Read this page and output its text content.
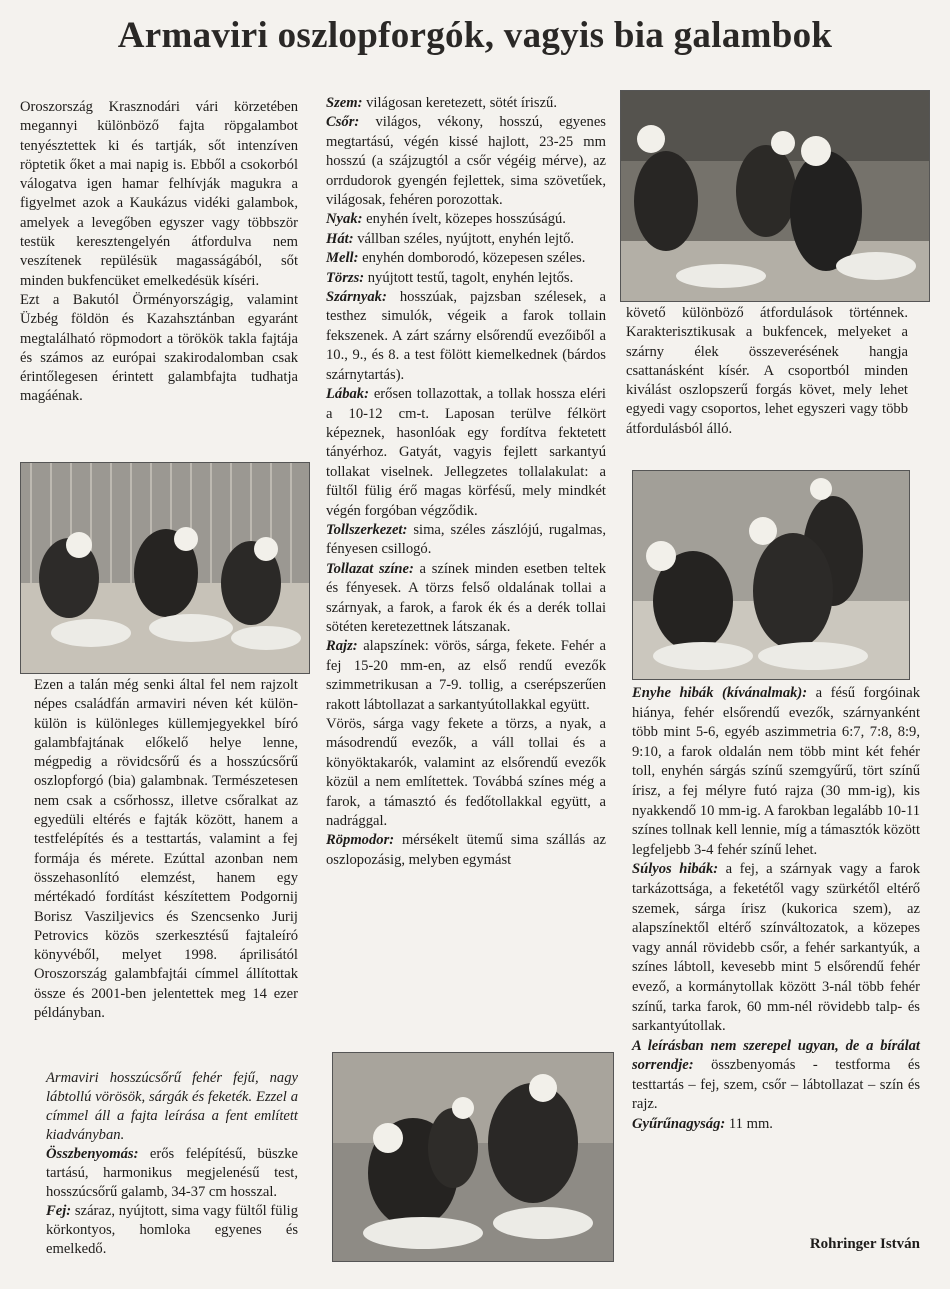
Armaviri oszlopforgók, vagyis bia galambok

Oroszország Krasznodári vári körzetében megannyi különböző fajta röpgalambot tenyésztettek ki és tartják, sőt intenzíven röptetik őket a mai napig is. Ebből a csokorból válogatva igen hamar felhívják magukra a figyelmet azok a Kaukázus vidéki galambok, amelyek a levegőben egyszer vagy többször testük keresztengelyén átfordulva nem veszítenek repülésük magasságából, sőt minden bukfencüket emelkedésük kíséri.

Ezt a Bakutól Örményországig, valamint Üzbég földön és Kazahsztánban egyaránt megtalálható röpmodort a törökök takla fajtája és számos az európai szakirodalomban csak érintőlegesen érintett galambfajta tudhatja magáénak.

Ezen a talán még senki által fel nem rajzolt népes családfán armaviri néven két külön-külön is különleges küllemjegyekkel bíró galambfajtának előkelő helye lenne, mégpedig a rövidcsőrű és a hosszúcsőrű oszlopforgó (bia) galambnak. Természetesen nem csak a csőrhossz, illetve csőralkat az egyedüli eltérés e fajták között, hanem a testfelépítés és a testtartás, valamint a fej formája és mérete. Ezúttal azonban nem összehasonlító elemzést, hanem egy mértékadó fordítást készítettem Podgornij Borisz Vasziljevics és Szencsenko Jurij Petrovics közös szerkesztésű fajtaleíró könyvéből, melyet 1998. áprilisától Oroszország galambfajtái címmel állítottak össze és 2001-ben jelentettek meg 14 ezer példányban.

Armaviri hosszúcsőrű fehér fejű, nagy lábtollú vörösök, sárgák és feketék. Ezzel a címmel áll a fajta leírása a fent említett kiadványban.

Összbenyomás: erős felépítésű, büszke tartású, harmonikus megjelenésű test, hosszúcsőrű galamb, 34-37 cm hosszal.

Fej: száraz, nyújtott, sima vagy fültől fülig körkontyos, homloka egyenes és emelkedő.

Szem: világosan keretezett, sötét íriszű.

Csőr: világos, vékony, hosszú, egyenes megtartású, végén kissé hajlott, 23-25 mm hosszú (a szájzugtól a csőr végéig mérve), az orrdudorok gyengén fejlettek, sima szövetűek, világosak, fehéren porozottak.

Nyak: enyhén ívelt, közepes hosszúságú.

Hát: vállban széles, nyújtott, enyhén lejtő.

Mell: enyhén domborodó, közepesen széles.

Törzs: nyújtott testű, tagolt, enyhén lejtős.

Szárnyak: hosszúak, pajzsban szélesek, a testhez simulók, végeik a farok tollain fekszenek. A zárt szárny elsőrendű evezőiből a 10., 9., és 8. a test fölött kiemelkednek (bárdos szárnytartás).

Lábak: erősen tollazottak, a tollak hossza eléri a 10-12 cm-t. Laposan terülve félkört képeznek, hasonlóak egy fordítva fektetett tányérhoz. Gatyát, vagyis fejlett sarkantyú tollakat viselnek. Jellegzetes tollalakulat: a fültől fülig érő magas körfésű, mely mindkét végén forgóban végződik.

Tollszerkezet: sima, széles zászlójú, rugalmas, fényesen csillogó.

Tollazat színe: a színek minden esetben teltek és fényesek. A törzs felső oldalának tollai a szárnyak, a farok, a farok ék és a derék tollai sötéten keretezettnek látszanak.

Rajz: alapszínek: vörös, sárga, fekete. Fehér a fej 15-20 mm-en, az első rendű evezők szimmetrikusan a 7-9. tollig, a cserépszerűen rakott lábtollazat a sarkantyútollakkal együtt.

Vörös, sárga vagy fekete a törzs, a nyak, a másodrendű evezők, a váll tollai és a könyöktakarók, valamint az elsőrendű evezők közül a nem említettek. Továbbá színes még a farok, a támasztó és fedőtollakkal együtt, a nadrággal.

Röpmodor: mérsékelt ütemű sima szállás az oszlopozásig, melyben egymást

követő különböző átfordulások történnek. Karakterisztikusak a bukfencek, melyeket a szárny élek összeverésének hangja csattanásként kísér. A csoportból minden kiválást oszlopszerű forgás követ, mely lehet egyedi vagy csoportos, lehet egyszeri vagy több átfordulásból álló.

Enyhe hibák (kívánalmak): a fésű forgóinak hiánya, fehér elsőrendű evezők, szárnyanként több mint 5-6, egyéb aszimmetria 6:7, 7:8, 8:9, 9:10, a farok oldalán nem több mint két fehér toll, enyhén sárgás színű szemgyűrű, tört színű írisz, a fej mélyre futó rajza (30 mm-ig), kis nyakkendő 10 mm-ig. A farokban legalább 10-11 színes tollnak kell lennie, míg a támasztók között legfeljebb 3-4 fehér színű lehet.

Súlyos hibák: a fej, a szárnyak vagy a farok tarkázottsága, a feketétől vagy szürkétől eltérő szemek, sárga írisz (kukorica szem), az alapszínektől eltérő színváltozatok, a közepes vagy annál rövidebb csőr, a fehér sarkantyúk, a színes lábtoll, kevesebb mint 5 elsőrendű fehér evező, a kormánytollak között 3-nál több fehér színű, tarka farok, 60 mm-nél rövidebb talp- és sarkantyútollak.

A leírásban nem szerepel ugyan, de a bírálat sorrendje: összbenyomás - testforma és testtartás – fej, szem, csőr – lábtollazat – szín és rajz.

Gyűrűnagyság: 11 mm.

Rohringer István
